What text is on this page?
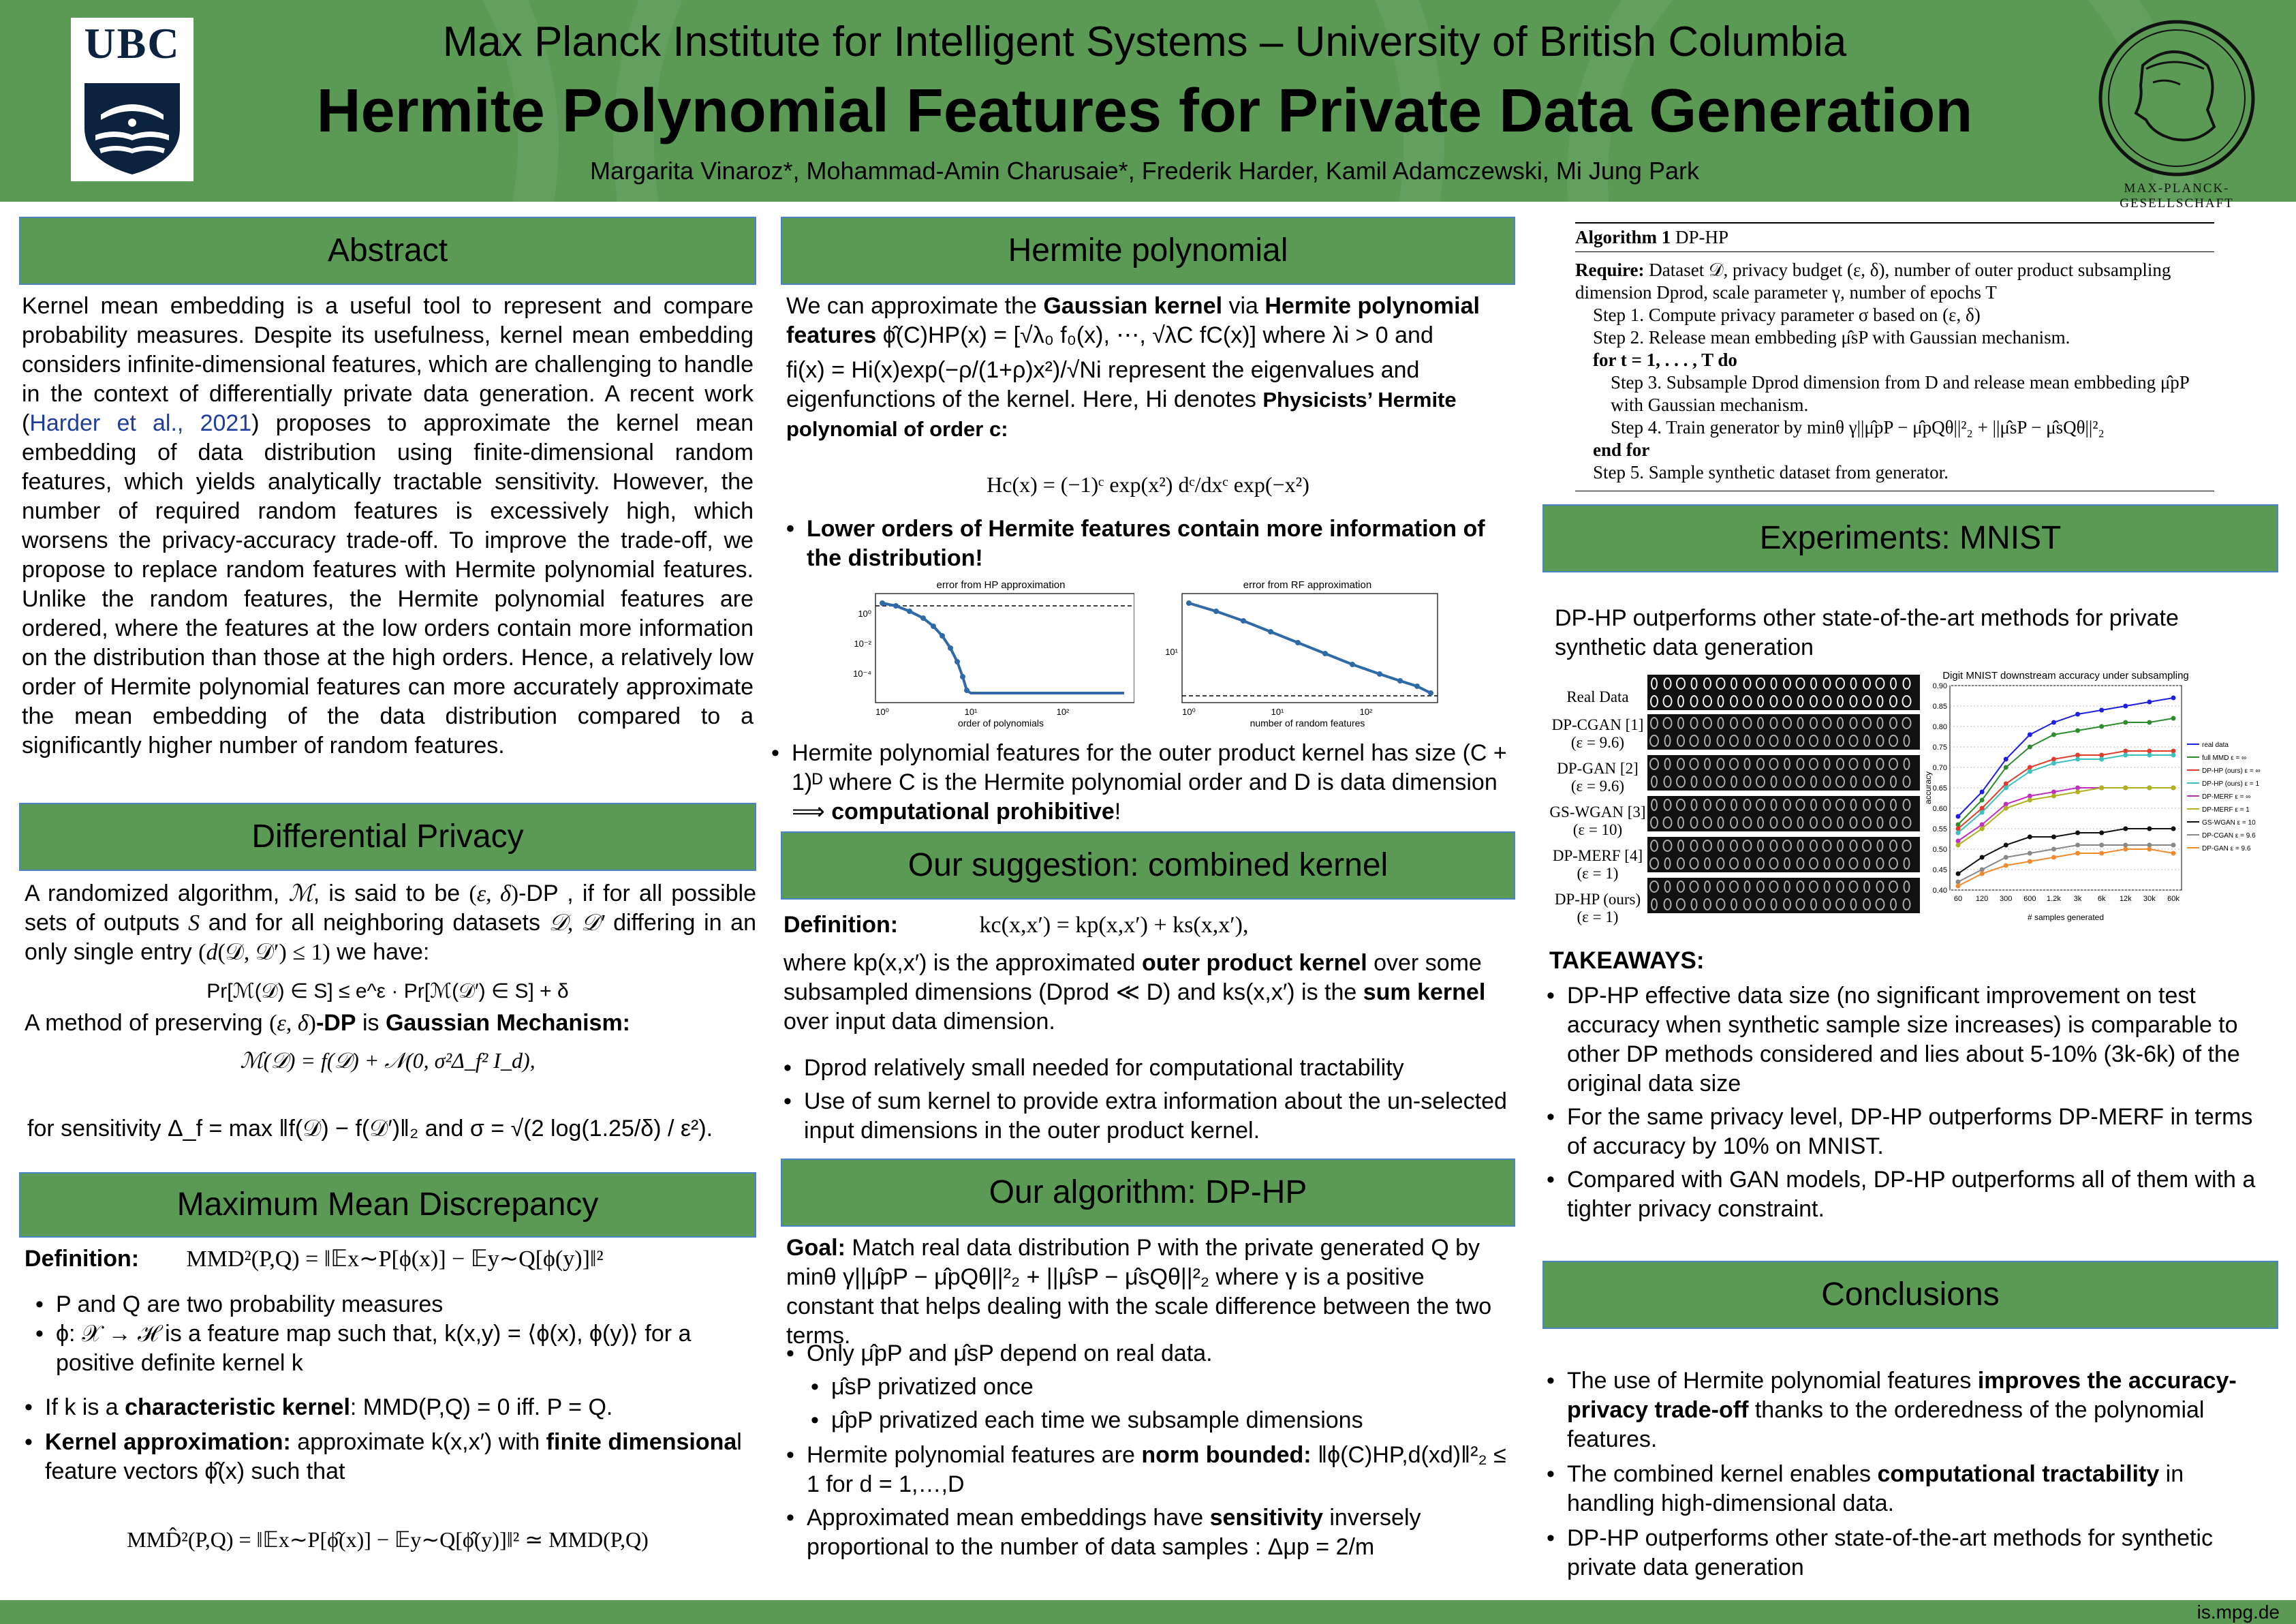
UBC
MAX-PLANCK-GESELLSCHAFT
Max Planck Institute for Intelligent Systems – University of British Columbia
Hermite Polynomial Features for Private Data Generation
Margarita Vinaroz*, Mohammad-Amin Charusaie*, Frederik Harder, Kamil Adamczewski, Mi Jung Park
Abstract
Kernel mean embedding is a useful tool to represent and compare probability measures. Despite its usefulness, kernel mean embedding considers infinite-dimensional features, which are challenging to handle in the context of differentially private data generation. A recent work (Harder et al., 2021) proposes to approximate the kernel mean embedding of data distribution using finite-dimensional random features, which yields analytically tractable sensitivity. However, the number of required random features is excessively high, which worsens the privacy-accuracy trade-off. To improve the trade-off, we propose to replace random features with Hermite polynomial features. Unlike the random features, the Hermite polynomial features are ordered, where the features at the low orders contain more information on the distribution than those at the high orders. Hence, a relatively low order of Hermite polynomial features can more accurately approximate the mean embedding of the data distribution compared to a significantly higher number of random features.
Differential Privacy
A randomized algorithm, ℳ, is said to be (ε, δ)-DP , if for all possible sets of outputs S and for all neighboring datasets 𝒟, 𝒟′ differing in an only single entry (d(𝒟, 𝒟′) ≤ 1) we have:
Pr[ℳ(𝒟) ∈ S] ≤ e^ε · Pr[ℳ(𝒟′) ∈ S] + δ
A method of preserving (ε, δ)-DP is Gaussian Mechanism:
ℳ(𝒟) = f(𝒟) + 𝒩(0, σ²Δ_f² I_d),
for sensitivity Δ_f = max ‖f(𝒟) − f(𝒟′)‖₂ and σ = √(2 log(1.25/δ) / ε²).
Maximum Mean Discrepancy
Definition: MMD²(P,Q) = ‖𝔼x∼P[ϕ(x)] − 𝔼y∼Q[ϕ(y)]‖²
• P and Q are two probability measures
• ϕ: 𝒳 → ℋ is a feature map such that, k(x,y) = ⟨ϕ(x), ϕ(y)⟩ for a positive definite kernel k
• If k is a characteristic kernel: MMD(P,Q) = 0 iff. P = Q.
• Kernel approximation: approximate k(x,x′) with finite dimensional feature vectors ϕ̂(x) such that
MMD̂²(P,Q) = ‖𝔼x∼P[ϕ̂(x)] − 𝔼y∼Q[ϕ̂(y)]‖² ≃ MMD(P,Q)
Hermite polynomial
We can approximate the Gaussian kernel via Hermite polynomial features ϕ̂(C)HP(x) = [√λ₀ f₀(x), ⋯, √λC fC(x)] where λi > 0 and
fi(x) = Hi(x)exp(−ρ/(1+ρ)x²)/√Ni represent the eigenvalues and eigenfunctions of the kernel. Here, Hi denotes Physicists’ Hermite polynomial of order c:
Hc(x) = (−1)ᶜ exp(x²) dᶜ/dxᶜ exp(−x²)
• Lower orders of Hermite features contain more information of the distribution!
error from HP approximation
10⁰
10⁻²
10⁻⁴
10⁰	10¹	10²
order of polynomials
error from RF approximation
10¹
10⁰	10¹	10²
number of random features
• Hermite polynomial features for the outer product kernel has size (C + 1)ᴰ where C is the Hermite polynomial order and D is data dimension ⟹ computational prohibitive!
Our suggestion: combined kernel
Definition:	kc(x,x′) = kp(x,x′) + ks(x,x′),
where kp(x,x′) is the approximated outer product kernel over some subsampled dimensions (Dprod ≪ D) and ks(x,x′) is the sum kernel over input data dimension.
• Dprod relatively small needed for computational tractability
• Use of sum kernel to provide extra information about the un-selected input dimensions in the outer product kernel.
Our algorithm: DP-HP
Goal: Match real data distribution P with the private generated Q by minθ γ||μ̂pP − μ̂pQθ||²₂ + ||μ̂sP − μ̂sQθ||²₂ where γ is a positive constant that helps dealing with the scale difference between the two terms.
• Only μ̂pP and μ̂sP depend on real data.
• μ̂sP privatized once
• μ̂pP privatized each time we subsample dimensions
• Hermite polynomial features are norm bounded: ‖ϕ(C)HP,d(xd)‖²₂ ≤ 1 for d = 1,…,D
• Approximated mean embeddings have sensitivity inversely proportional to the number of data samples : Δμp = 2/m
Algorithm 1 DP-HP
Require: Dataset 𝒟, privacy budget (ε, δ), number of outer product subsampling dimension Dprod, scale parameter γ, number of epochs T
Step 1. Compute privacy parameter σ based on (ε, δ)
Step 2. Release mean embbeding μ̂sP with Gaussian mechanism.
for t = 1, . . . , T do
Step 3. Subsample Dprod dimension from D and release mean embbeding μ̂pP with Gaussian mechanism.
Step 4. Train generator by minθ γ||μ̂pP − μ̂pQθ||²₂ + ||μ̂sP − μ̂sQθ||²₂
end for
Step 5. Sample synthetic dataset from generator.
Experiments: MNIST
DP-HP outperforms other state-of-the-art methods for private synthetic data generation
Real Data
DP-CGAN [1]
(ε = 9.6)
DP-GAN [2]
(ε = 9.6)
GS-WGAN [3]
(ε = 10)
DP-MERF [4]
(ε = 1)
DP-HP (ours)
(ε = 1)
Digit MNIST downstream accuracy under subsampling
# samples generated
accuracy
0.40
0.45
0.50
0.55
0.60
0.65
0.70
0.75
0.80
0.85
0.90
60 120 300 600 1.2k 3k 6k 12k 30k 60k
real data
full MMD ε = ∞
DP-HP (ours) ε = ∞
DP-HP (ours) ε = 1
DP-MERF ε = ∞
DP-MERF ε = 1
GS-WGAN ε = 10
DP-CGAN ε = 9.6
DP-GAN ε = 9.6
TAKEAWAYS:
• DP-HP effective data size (no significant improvement on test accuracy when synthetic sample size increases) is comparable to other DP methods considered and lies about 5-10% (3k-6k) of the original data size
• For the same privacy level, DP-HP outperforms DP-MERF in terms of accuracy by 10% on MNIST.
• Compared with GAN models, DP-HP outperforms all of them with a tighter privacy constraint.
Conclusions
• The use of Hermite polynomial features improves the accuracy-privacy trade-off thanks to the orderedness of the polynomial features.
• The combined kernel enables computational tractability in handling high-dimensional data.
• DP-HP outperforms other state-of-the-art methods for synthetic private data generation
is.mpg.de
